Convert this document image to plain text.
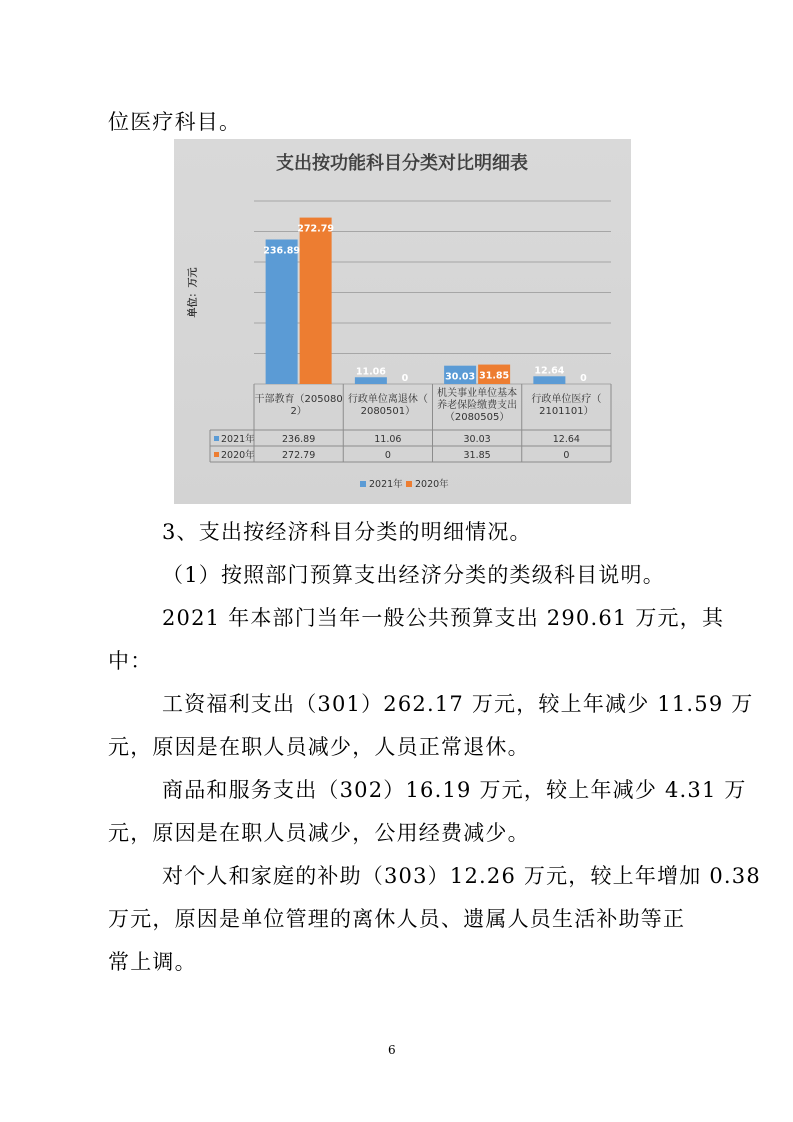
位医疗科目。
支出按功能科目分类对比明细表
单位：万元
236.89
272.79
11.06
0	30.03 31.85	12.64
0
干部教育（205080
2）
行政单位离退休（
2080501）
机关事业单位基本
养老保险缴费支出
（2080505）
行政单位医疗（
2101101）
2021年	236.89	11.06	30.03	12.64
2020年	272.79	0	31.85	0
2021年 2020年
3、支出按经济科目分类的明细情况。
（1）按照部门预算支出经济分类的类级科目说明。
2021 年本部门当年一般公共预算支出 290.61 万元，其
中：
工资福利支出（301）262.17 万元，较上年减少 11.59 万
元，原因是在职人员减少，人员正常退休。
商品和服务支出（302）16.19 万元，较上年减少 4.31 万
元，原因是在职人员减少，公用经费减少。
对个人和家庭的补助（303）12.26 万元，较上年增加 0.38
万元，原因是单位管理的离休人员、遗属人员生活补助等正
常上调。
6
